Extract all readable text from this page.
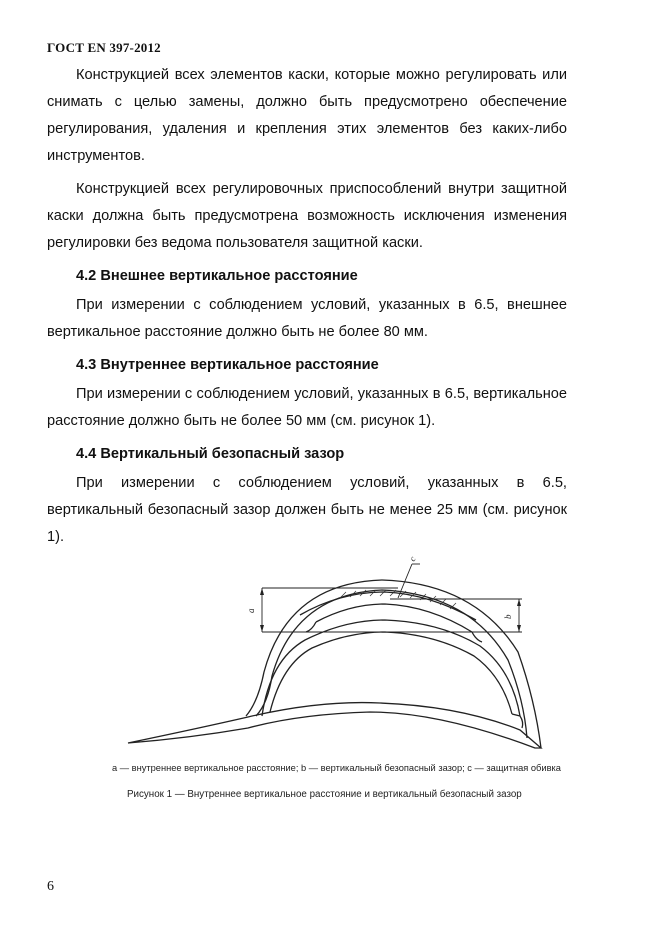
ГОСТ EN 397-2012

Конструкцией всех элементов каски, которые можно регулировать или снимать с целью замены, должно быть предусмотрено обеспечение регулирования, удаления и крепления этих элементов без каких-либо инструментов.

Конструкцией всех регулировочных приспособлений внутри защитной каски должна быть предусмотрена возможность исключения изменения регулировки без ведома пользователя защитной каски.

4.2 Внешнее вертикальное расстояние

При измерении с соблюдением условий, указанных в 6.5, внешнее вертикальное расстояние должно быть не более 80 мм.

4.3 Внутреннее вертикальное расстояние

При измерении с соблюдением условий, указанных в 6.5, вертикальное расстояние должно быть не более 50 мм (см. рисунок 1).

4.4 Вертикальный безопасный зазор

При измерении с соблюдением условий, указанных в 6.5, вертикальный безопасный зазор должен быть не менее 25 мм (см. рисунок 1).

a
b
c
a — внутреннее вертикальное расстояние; b — вертикальный безопасный зазор; c — защитная обивка
Рисунок 1 — Внутреннее вертикальное расстояние и вертикальный безопасный зазор
6
